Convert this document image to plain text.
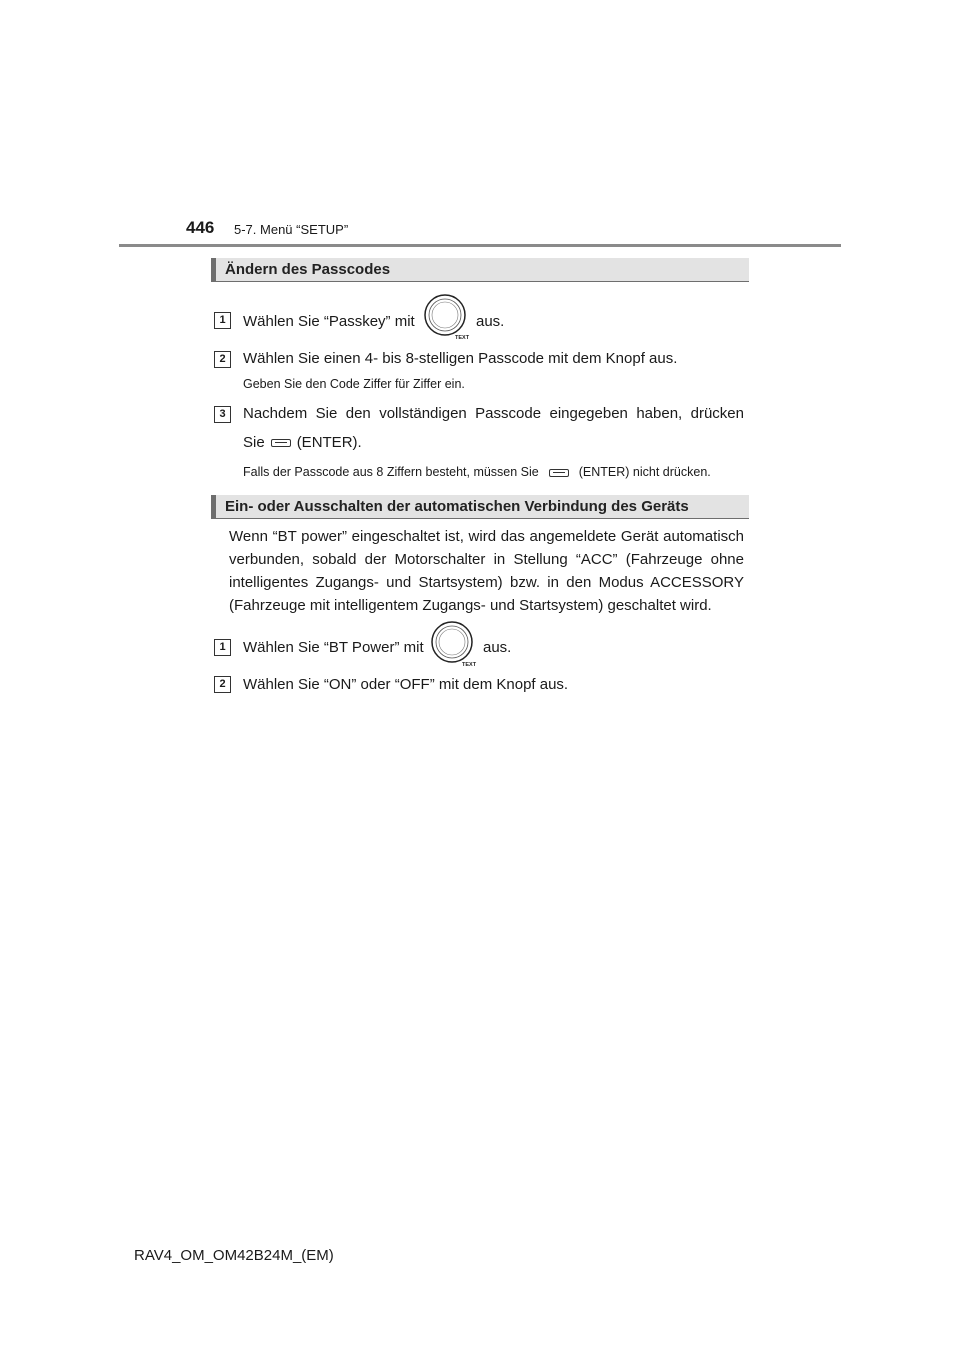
446 5-7. Menü “SETUP”
Ändern des Passcodes
1	Wählen Sie “Passkey” mit
TEXT
aus.
2	Wählen Sie einen 4- bis 8-stelligen Passcode mit dem Knopf aus.
Geben Sie den Code Ziffer für Ziffer ein.
3	Nachdem Sie den vollständigen Passcode eingegeben haben, drücken
Sie (ENTER).
Falls der Passcode aus 8 Ziffern besteht, müssen Sie	(ENTER) nicht drücken.
Ein- oder Ausschalten der automatischen Verbindung des Geräts
Wenn “BT power” eingeschaltet ist, wird das angemeldete Gerät automatisch verbunden, sobald der Motorschalter in Stellung “ACC” (Fahrzeuge ohne intelligentes Zugangs- und Startsystem) bzw. in den Modus ACCESSORY (Fahrzeuge mit intelligentem Zugangs- und Startsystem) geschaltet wird.
1	Wählen Sie “BT Power” mit
TEXT
aus.
2	Wählen Sie “ON” oder “OFF” mit dem Knopf aus.
RAV4_OM_OM42B24M_(EM)
